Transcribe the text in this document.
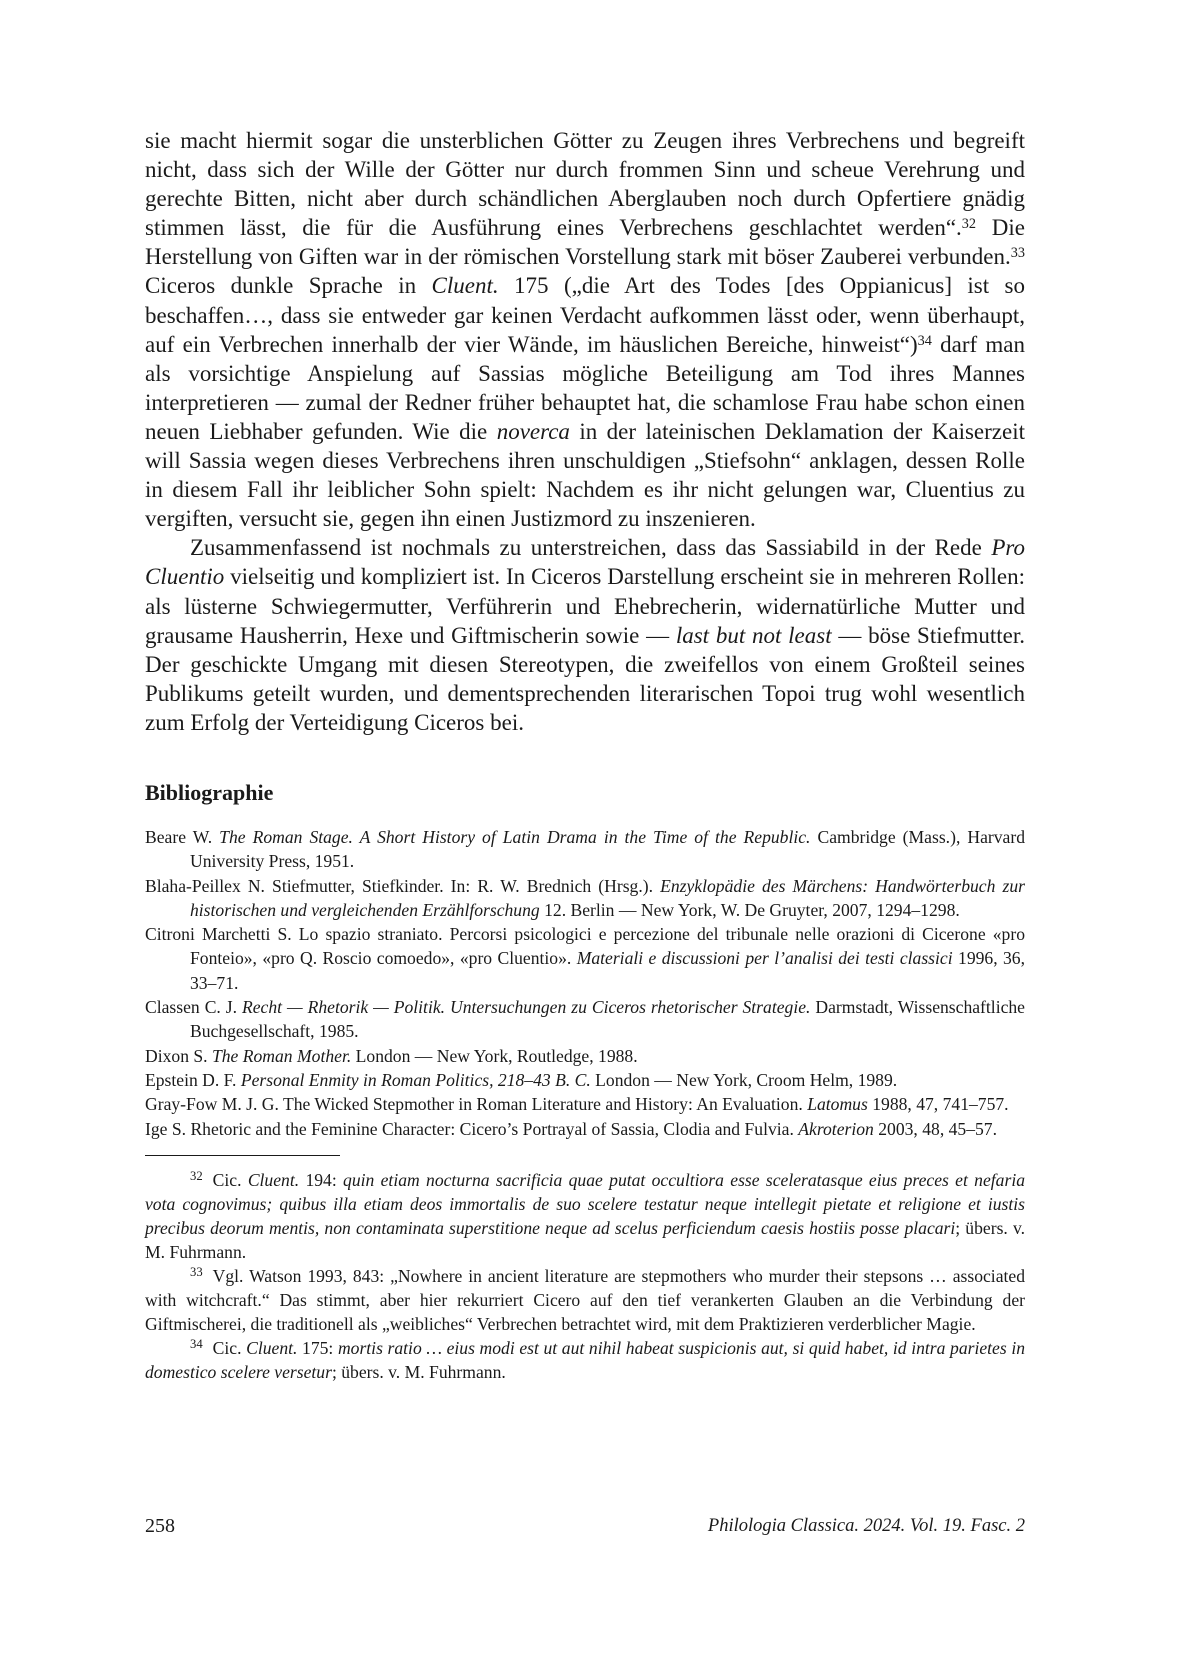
sie macht hiermit sogar die unsterblichen Götter zu Zeugen ihres Verbrechens und begreift nicht, dass sich der Wille der Götter nur durch frommen Sinn und scheue Verehrung und gerechte Bitten, nicht aber durch schändlichen Aberglauben noch durch Opfertiere gnädig stimmen lässt, die für die Ausführung eines Verbrechens geschlachtet werden“.$^{32}$ Die Herstellung von Giften war in der römischen Vorstellung stark mit böser Zauberei verbunden.$^{33}$ Ciceros dunkle Sprache in Cluent. 175 („die Art des Todes [des Oppianicus] ist so beschaffen…, dass sie entweder gar keinen Verdacht aufkommen lässt oder, wenn überhaupt, auf ein Verbrechen innerhalb der vier Wände, im häuslichen Bereiche, hinweist“)$^{34}$ darf man als vorsichtige Anspielung auf Sassias mögliche Beteiligung am Tod ihres Mannes interpretieren — zumal der Redner früher behauptet hat, die schamlose Frau habe schon einen neuen Liebhaber gefunden. Wie die noverca in der lateinischen Deklamation der Kaiserzeit will Sassia wegen dieses Verbrechens ihren unschuldigen „Stiefsohn“ anklagen, dessen Rolle in diesem Fall ihr leiblicher Sohn spielt: Nachdem es ihr nicht gelungen war, Cluentius zu vergiften, versucht sie, gegen ihn einen Justizmord zu inszenieren.

Zusammenfassend ist nochmals zu unterstreichen, dass das Sassiabild in der Rede Pro Cluentio vielseitig und kompliziert ist. In Ciceros Darstellung erscheint sie in mehreren Rollen: als lüsterne Schwiegermutter, Verführerin und Ehebrecherin, widernatürliche Mutter und grausame Hausherrin, Hexe und Giftmischerin sowie — last but not least — böse Stiefmutter. Der geschickte Umgang mit diesen Stereotypen, die zweifellos von einem Großteil seines Publikums geteilt wurden, und dementsprechenden literarischen Topoi trug wohl wesentlich zum Erfolg der Verteidigung Ciceros bei.

Bibliographie

Beare W. The Roman Stage. A Short History of Latin Drama in the Time of the Republic. Cambridge (Mass.), Harvard University Press, 1951.

Blaha-Peillex N. Stiefmutter, Stiefkinder. In: R. W. Brednich (Hrsg.). Enzyklopädie des Märchens: Handwörterbuch zur historischen und vergleichenden Erzählforschung 12. Berlin — New York, W. De Gruyter, 2007, 1294–1298.

Citroni Marchetti S. Lo spazio straniato. Percorsi psicologici e percezione del tribunale nelle orazioni di Cicerone «pro Fonteio», «pro Q. Roscio comoedo», «pro Cluentio». Materiali e discussioni per l’analisi dei testi classici 1996, 36, 33–71.

Classen C. J. Recht — Rhetorik — Politik. Untersuchungen zu Ciceros rhetorischer Strategie. Darmstadt, Wissenschaftliche Buchgesellschaft, 1985.

Dixon S. The Roman Mother. London — New York, Routledge, 1988.

Epstein D. F. Personal Enmity in Roman Politics, 218–43 B. C. London — New York, Croom Helm, 1989.

Gray-Fow M. J. G. The Wicked Stepmother in Roman Literature and History: An Evaluation. Latomus 1988, 47, 741–757.

Ige S. Rhetoric and the Feminine Character: Cicero’s Portrayal of Sassia, Clodia and Fulvia. Akroterion 2003, 48, 45–57.

$^{32}$ Cic. Cluent. 194: quin etiam nocturna sacrificia quae putat occultiora esse sceleratasque eius preces et nefaria vota cognovimus; quibus illa etiam deos immortalis de suo scelere testatur neque intellegit pietate et religione et iustis precibus deorum mentis, non contaminata superstitione neque ad scelus perficiendum caesis hostiis posse placari; übers. v. M. Fuhrmann.

$^{33}$ Vgl. Watson 1993, 843: „Nowhere in ancient literature are stepmothers who murder their stepsons … associated with witchcraft.“ Das stimmt, aber hier rekurriert Cicero auf den tief verankerten Glauben an die Verbindung der Giftmischerei, die traditionell als „weibliches“ Verbrechen betrachtet wird, mit dem Praktizieren verderblicher Magie.

$^{34}$ Cic. Cluent. 175: mortis ratio … eius modi est ut aut nihil habeat suspicionis aut, si quid habet, id intra parietes in domestico scelere versetur; übers. v. M. Fuhrmann.

258	Philologia Classica. 2024. Vol. 19. Fasc. 2
